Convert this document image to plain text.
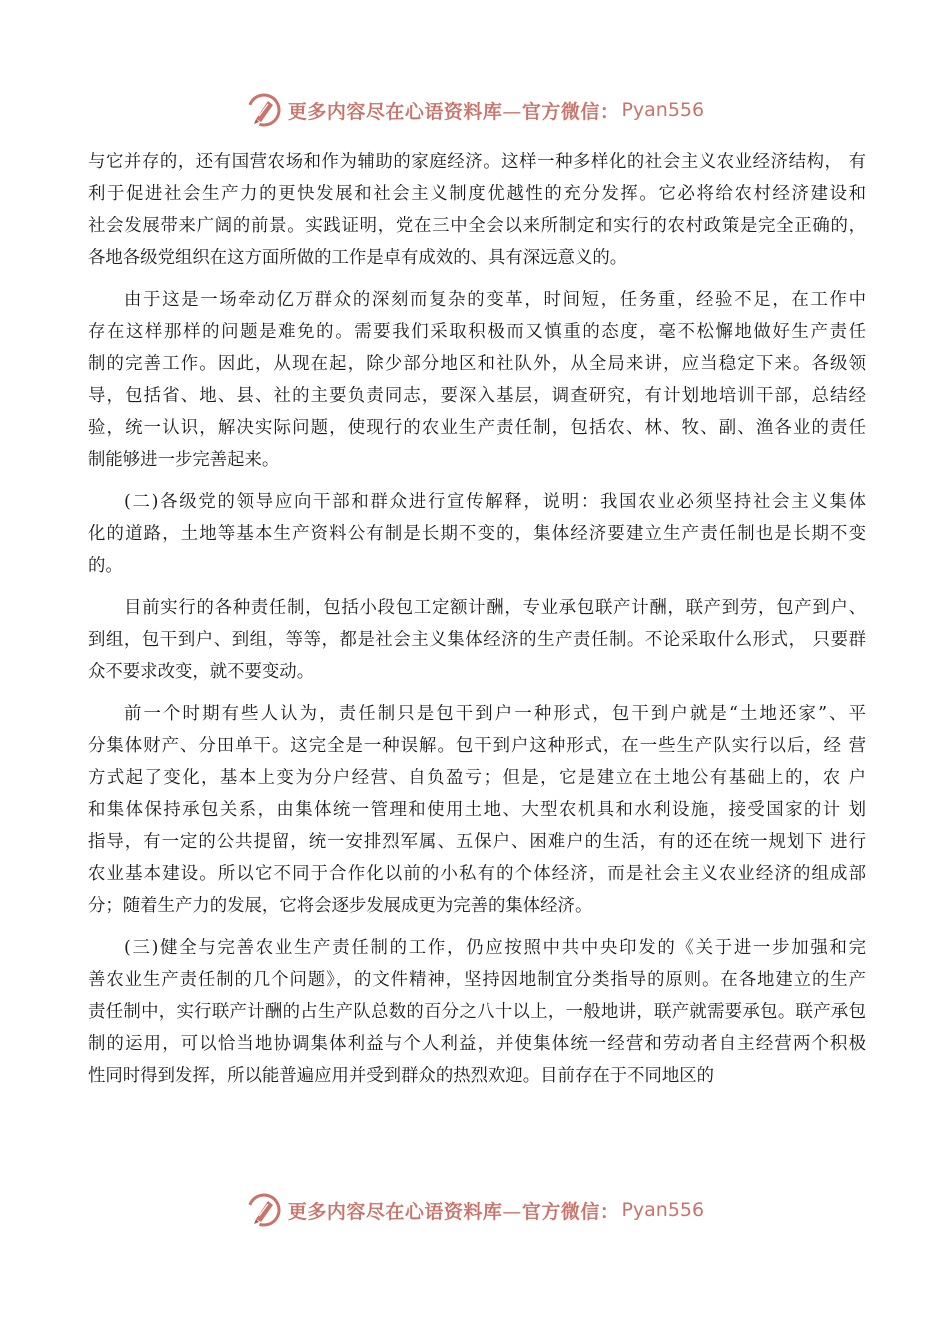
更多内容尽在心语资料库—官方微信： Pyan556
与它并存的，还有国营农场和作为辅助的家庭经济。这样一种多样化的社会主义农业经济结构， 有
利于促进社会生产力的更快发展和社会主义制度优越性的充分发挥。它必将给农村经济建设和
社会发展带来广阔的前景。实践证明，党在三中全会以来所制定和实行的农村政策是完全正确的，
各地各级党组织在这方面所做的工作是卓有成效的、具有深远意义的。
由于这是一场牵动亿万群众的深刻而复杂的变革，时间短，任务重，经验不足，在工作中
存在这样那样的问题是难免的。需要我们采取积极而又慎重的态度，毫不松懈地做好生产责任
制的完善工作。因此，从现在起，除少部分地区和社队外，从全局来讲，应当稳定下来。各级领
导，包括省、地、县、社的主要负责同志，要深入基层，调查研究，有计划地培训干部，总结经
验，统一认识，解决实际问题，使现行的农业生产责任制，包括农、林、牧、副、渔各业的责任
制能够进一步完善起来。
(二)各级党的领导应向干部和群众进行宣传解释，说明：我国农业必须坚持社会主义集体
化的道路，土地等基本生产资料公有制是长期不变的，集体经济要建立生产责任制也是长期不变
的。
目前实行的各种责任制，包括小段包工定额计酬，专业承包联产计酬，联产到劳，包产到户、
到组，包干到户、到组，等等，都是社会主义集体经济的生产责任制。不论采取什么形式， 只要群
众不要求改变，就不要变动。
前一个时期有些人认为，责任制只是包干到户一种形式，包干到户就是“土地还家”、平
分集体财产、分田单干。这完全是一种误解。包干到户这种形式，在一些生产队实行以后，经 营
方式起了变化，基本上变为分户经营、自负盈亏；但是，它是建立在土地公有基础上的，农 户
和集体保持承包关系，由集体统一管理和使用土地、大型农机具和水利设施，接受国家的计 划
指导，有一定的公共提留，统一安排烈军属、五保户、困难户的生活，有的还在统一规划下 进行
农业基本建设。所以它不同于合作化以前的小私有的个体经济，而是社会主义农业经济的组成部
分；随着生产力的发展，它将会逐步发展成更为完善的集体经济。
(三)健全与完善农业生产责任制的工作，仍应按照中共中央印发的《关于进一步加强和完
善农业生产责任制的几个问题》，的文件精神，坚持因地制宜分类指导的原则。在各地建立的生产
责任制中，实行联产计酬的占生产队总数的百分之八十以上，一般地讲，联产就需要承包。联产承包
制的运用，可以恰当地协调集体利益与个人利益，并使集体统一经营和劳动者自主经营两个积极
性同时得到发挥，所以能普遍应用并受到群众的热烈欢迎。目前存在于不同地区的
更多内容尽在心语资料库—官方微信： Pyan556
